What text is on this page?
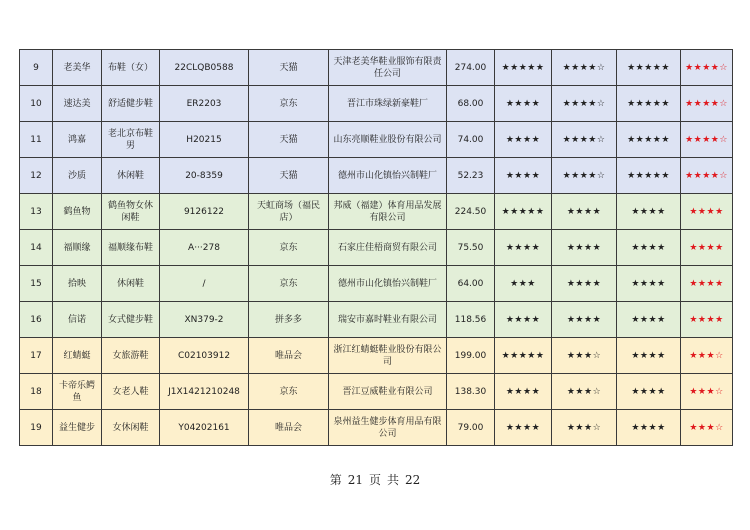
9	老美华	布鞋（女）	22CLQB0588	天猫	天津老美华鞋业服饰有限责任公司	274.00	★★★★★	★★★★☆	★★★★★	★★★★☆
10	速达美	舒适健步鞋	ER2203	京东	晋江市珠绿新豪鞋厂	68.00	★★★★	★★★★☆	★★★★★	★★★★☆
11	鸿嘉	老北京布鞋男	H20215	天猫	山东亮顺鞋业股份有限公司	74.00	★★★★	★★★★☆	★★★★★	★★★★☆
12	沙质	休闲鞋	20-8359	天猫	德州市山化镇怡兴制鞋厂	52.23	★★★★	★★★★☆	★★★★★	★★★★☆
13	鹤鱼物	鹤鱼物女休闲鞋	9126122	天虹商场（福民店）	邦威（福建）体育用品发展有限公司	224.50	★★★★★	★★★★	★★★★	★★★★
14	福顺缘	福顺缘布鞋	A···278	京东	石家庄佳梧商贸有限公司	75.50	★★★★	★★★★	★★★★	★★★★
15	拾映	休闲鞋	/	京东	德州市山化镇怡兴制鞋厂	64.00	★★★	★★★★	★★★★	★★★★
16	信诺	女式健步鞋	XN379-2	拼多多	瑞安市嘉时鞋业有限公司	118.56	★★★★	★★★★	★★★★	★★★★
17	红蜻蜓	女旅游鞋	C02103912	唯品会	浙江红蜻蜓鞋业股份有限公司	199.00	★★★★★	★★★☆	★★★★	★★★☆
18	卡帝乐鳄鱼	女老人鞋	J1X1421210248	京东	晋江豆威鞋业有限公司	138.30	★★★★	★★★☆	★★★★	★★★☆
19	益生健步	女休闲鞋	Y04202161	唯品会	泉州益生健步体育用品有限公司	79.00	★★★★	★★★☆	★★★★	★★★☆
第 21 页 共 22
